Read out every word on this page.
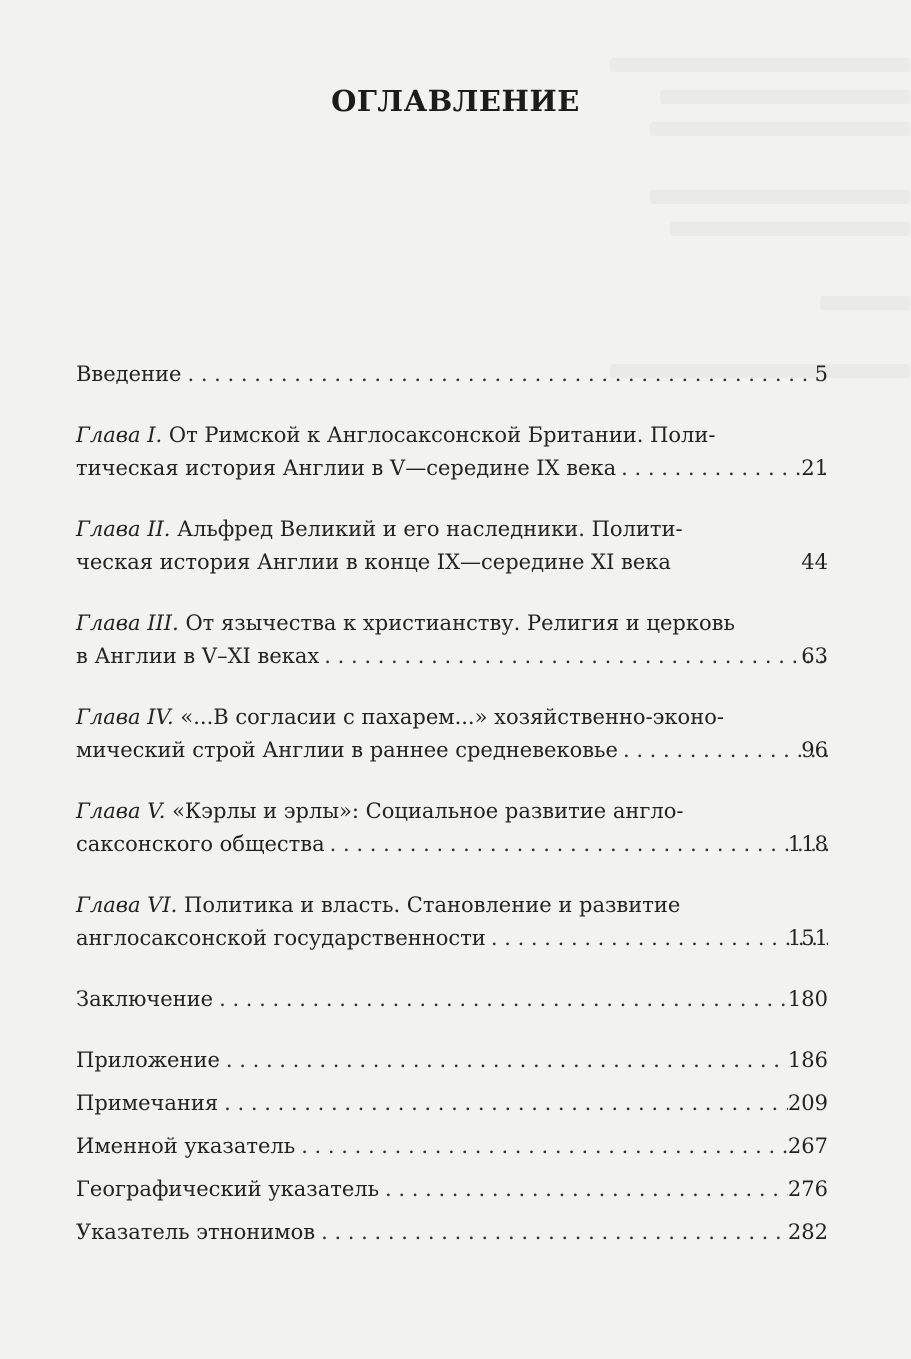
ОГЛАВЛЕНИЕ
Введение . . .	5
Глава I. От Римской к Англосаксонской Британии. Поли-
тическая история Англии в V—середине IX века . . .	21
Глава II. Альфред Великий и его наследники. Полити-
ческая история Англии в конце IX—середине XI века	44
Глава III. От язычества к христианству. Религия и церковь
в Англии в V–XI веках . . .	63
Глава IV. «...В согласии с пахарем...» хозяйственно-эконо-
мический строй Англии в раннее средневековье . . .	96
Глава V. «Кэрлы и эрлы»: Социальное развитие англо-
саксонского общества . . .	118
Глава VI. Политика и власть. Становление и развитие
англосаксонской государственности . . .	151
Заключение . . .	180
Приложение . . .	186
Примечания . . .	209
Именной указатель . . .	267
Географический указатель . . .	276
Указатель этнонимов . . .	282
